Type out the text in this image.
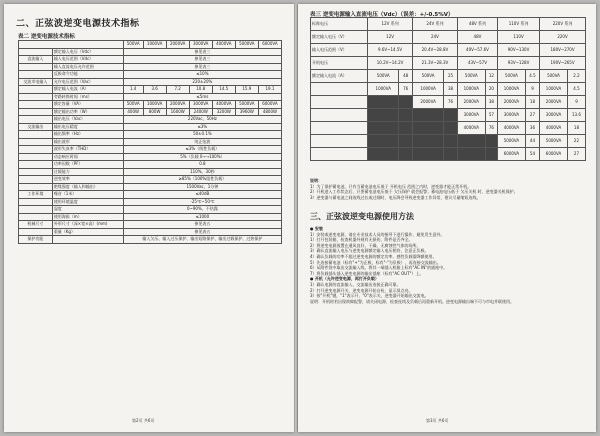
二、正弦波逆变电源技术指标
表二 逆变电源技术指标
		500VA	1000VA	2000VA	3000VA	4000VA	5000VA	6000VA
	额定输入电压（Vdc）	参见表三						
直流输入	输入电压范围（Vdc）	参见表三						
	输入直流电压允许范围	参见表三						
	反极命令功能	≤10%						
交流市电输入	允许电压范围（Vac）	220±20%						
	额定输入电流（A）	1.4	3.6	7.2	10.8	14.5	15.9	19.1
	旁路转换时间（ms）	≤5ms						
	额定容量（VA）	500VA	1000VA	2000VA	3000VA	4000VA	5000VA	6000VA
	额定输出功率（W）	400W	800W	1600W	2400W	3200W	3960W	4800W
	输出电压（Vac）	220Vac，50Hz						
交流输出	输出电压精度	≤3%						
	输出频率（Hz）	50±0.1%						
	输出波形	纯正弦波						
	波形失真率（THD）	≤3%（线性负载）						
	动态响应时间	5%（负载 0→→100%）						
	功率因数（PF）	0.8						
	过载能力	110%，30秒						
	逆变效率	≥85%（100%阻性负载）						
	绝缘强度（输入和输出）	1500Vac，1分钟						
工作环境	噪音（1米）	≤40dB						
	使用环境温度	-25℃~50℃						
	湿度	0~90%，不结露						
	使用海拔（m）	≤1000						
机械尺寸	外形尺寸（深×宽×高）(mm)	参见表五						
	重量（Kg）	参见表五						
保护功能		输入欠压、输入过压保护、输出短路保护、输出过载保护、过热保护						
第2页 共6页
表三 逆变电源输入直流电压（Vdc）（误差：+/-0.5%V）
标称电压	12V 系列		24V 系列		48V 系列		110V 系列		220V 系列	
额定输入电压（V）	12V		24V		48V		110V		220V	
输入电压范围（V）	9.6V~14.5V		20.4V~28.8V		40V~57.6V		90V~130V		180V~270V	
开机电压	10.2V~14.2V		21.3V~28.3V		43V~57V		93V~128V		190V~265V	
额定输入电流（A）	500VA	48	500VA	25	500VA	12	500VA	4.5	500VA	2.2
	1000VA	76	1000VA	38	1000VA	20	1000VA	9	1000VA	4.5
			2000VA	76	2000VA	38	2000VA	18	2000VA	9
					3000VA	57	3000VA	27	3000VA	13.6
					4000VA	76	4000VA	36	4000VA	18
							5000VA	44	5000VA	22
							6000VA	54	6000VA	27
说明：
1）为了保护蓄电池，只有当蓄电池电压低于 开机电压 范围之内时，逆变器才能正常开机。
2）开机进入工作状态后，只要蓄电池电压低于 欠压保护 就会报警；蓄电池电压低于 欠压关机 时，逆变器关机保护。
3）逆变器与蓄电池之间连线过长或过细时，电压降会导致逆变器工作异常，建议尽量缩短连线。
三、正弦波逆变电源使用方法
● 安装
1）安装或逆变电源，请在专业技术人员的指导下进行操作，避免发生意外。
1）打开包装箱，检查机器外观有无损伤，附件是否齐全。
2）将逆变电源放置在通风良好、干燥、无腐蚀性气体的场所。
3）确认直流输入电压与逆变电源额定输入电压相符，注意正负极。
4）确认负载的功率不超过逆变电源的额定功率，感性负载需降额使用。
5）先连接蓄电池（标有"+"为正极，标有"-"为负极），再连接交流输出。
6）从附件袋中取出交流输入线，将其一端插入机箱上标有"AC IN"的插座中。
7）将负载插头插入逆变电源的输出插座（标有"AC OUT"）上。
● 开机（允许逆变电源，再打开负载）
1）确认电源的直流输入、交流输出连接正确可靠。
2）打开逆变电源开关，逆变电源开始自检，显示屏点亮。
3）按"开机"键，"1"表示开，"0"表示关，逆变器开始输出交流电。
说明：开机时若出现故障报警，请关闭电源，检查连线及负载后再重新开机。逆变电源输出端不可与市电并联使用。
第3页 共6页
